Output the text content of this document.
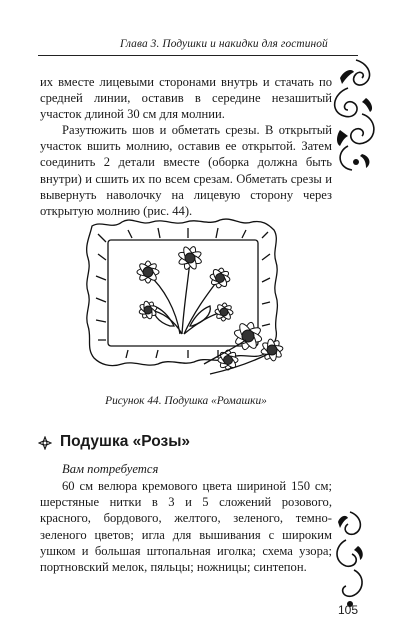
Глава 3. Подушки и накидки для гостиной
их вместе лицевыми сторонами внутрь и стачать по средней линии, оставив в середине незашитый участок длиной 30 см для молнии.
Разутюжить шов и обметать срезы. В открытый участок вшить молнию, оставив ее открытой. Затем соединить 2 детали вместе (оборка должна быть внутри) и сшить их по всем срезам. Обметать срезы и вывернуть наволочку на лицевую сторону через открытую молнию (рис. 44).
Рисунок 44. Подушка «Ромашки»
Подушка «Розы»
Вам потребуется
60 см велюра кремового цвета шириной 150 см; шерстяные нитки в 3 и 5 сложений розового, красного, бордового, желтого, зеленого, темно-зеленого цветов; игла для вышивания с широким ушком и большая штопальная иголка; схема узора; портновский мелок, пяльцы; ножницы; синтепон.
105
